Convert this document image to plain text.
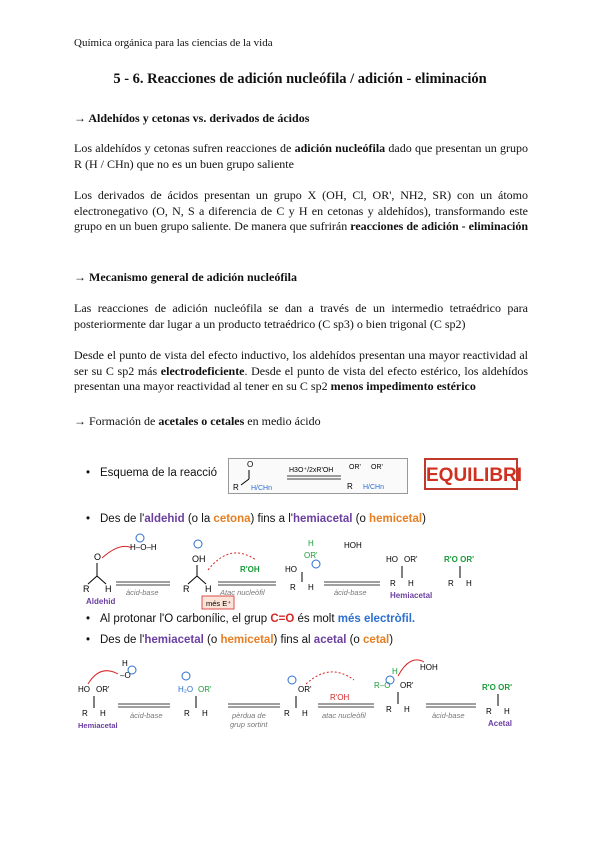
Química orgánica para las ciencias de la vida
5 - 6. Reacciones de adición nucleófila / adición - eliminación
→ Aldehídos y cetonas vs. derivados de ácidos
Los aldehídos y cetonas sufren reacciones de adición nucleófila dado que presentan un grupo R (H / CHn) que no es un buen grupo saliente
Los derivados de ácidos presentan un grupo X (OH, Cl, OR', NH2, SR) con un átomo electronegativo (O, N, S a diferencia de C y H en cetonas y aldehídos), transformando este grupo en un buen grupo saliente. De manera que sufrirán reacciones de adición - eliminación
→ Mecanismo general de adición nucleófila
Las reacciones de adición nucleófila se dan a través de un intermedio tetraédrico para posteriormente dar lugar a un producto tetraédrico (C sp3) o bien trigonal (C sp2)
Desde el punto de vista del efecto inductivo, los aldehídos presentan una mayor reactividad al ser su C sp2 más electrodeficiente. Desde el punto de vista del efecto estérico, los aldehídos presentan una mayor reactividad al tener en su C sp2 menos impedimento estérico
→ Formación de acetales o cetales en medio ácido
• Esquema de la reacció
O
R H/CHn
H3O⁺/2xR'OH OR' OR'
R H/CHn
EQUILIBRI
• Des de l'aldehid (o la cetona) fins a l'hemiacetal (o hemicetal)
O
R H
Aldehid
H–O–H
àcid-base
OH
R H
més E⁺
R'OH
Atac nucleòfil
H
OR'
HO
HOH
R H
àcid-base
HO OR'
R H
Hemiacetal
R'O OR'
R H
• Al protonar l'O carbonílic, el grup C=O és molt més electròfil.
• Des de l'hemiacetal (o hemicetal) fins al acetal (o cetal)
HO OR'
R H
Hemiacetal
H
–O
àcid-base
H₂O OR'
R H	pèrdua de
grup sortint
OR'
R H
R'OH
atac nucleòfil
H
R–O OR'
R H
HOH
àcid-base
R'O OR'
R H
Acetal
